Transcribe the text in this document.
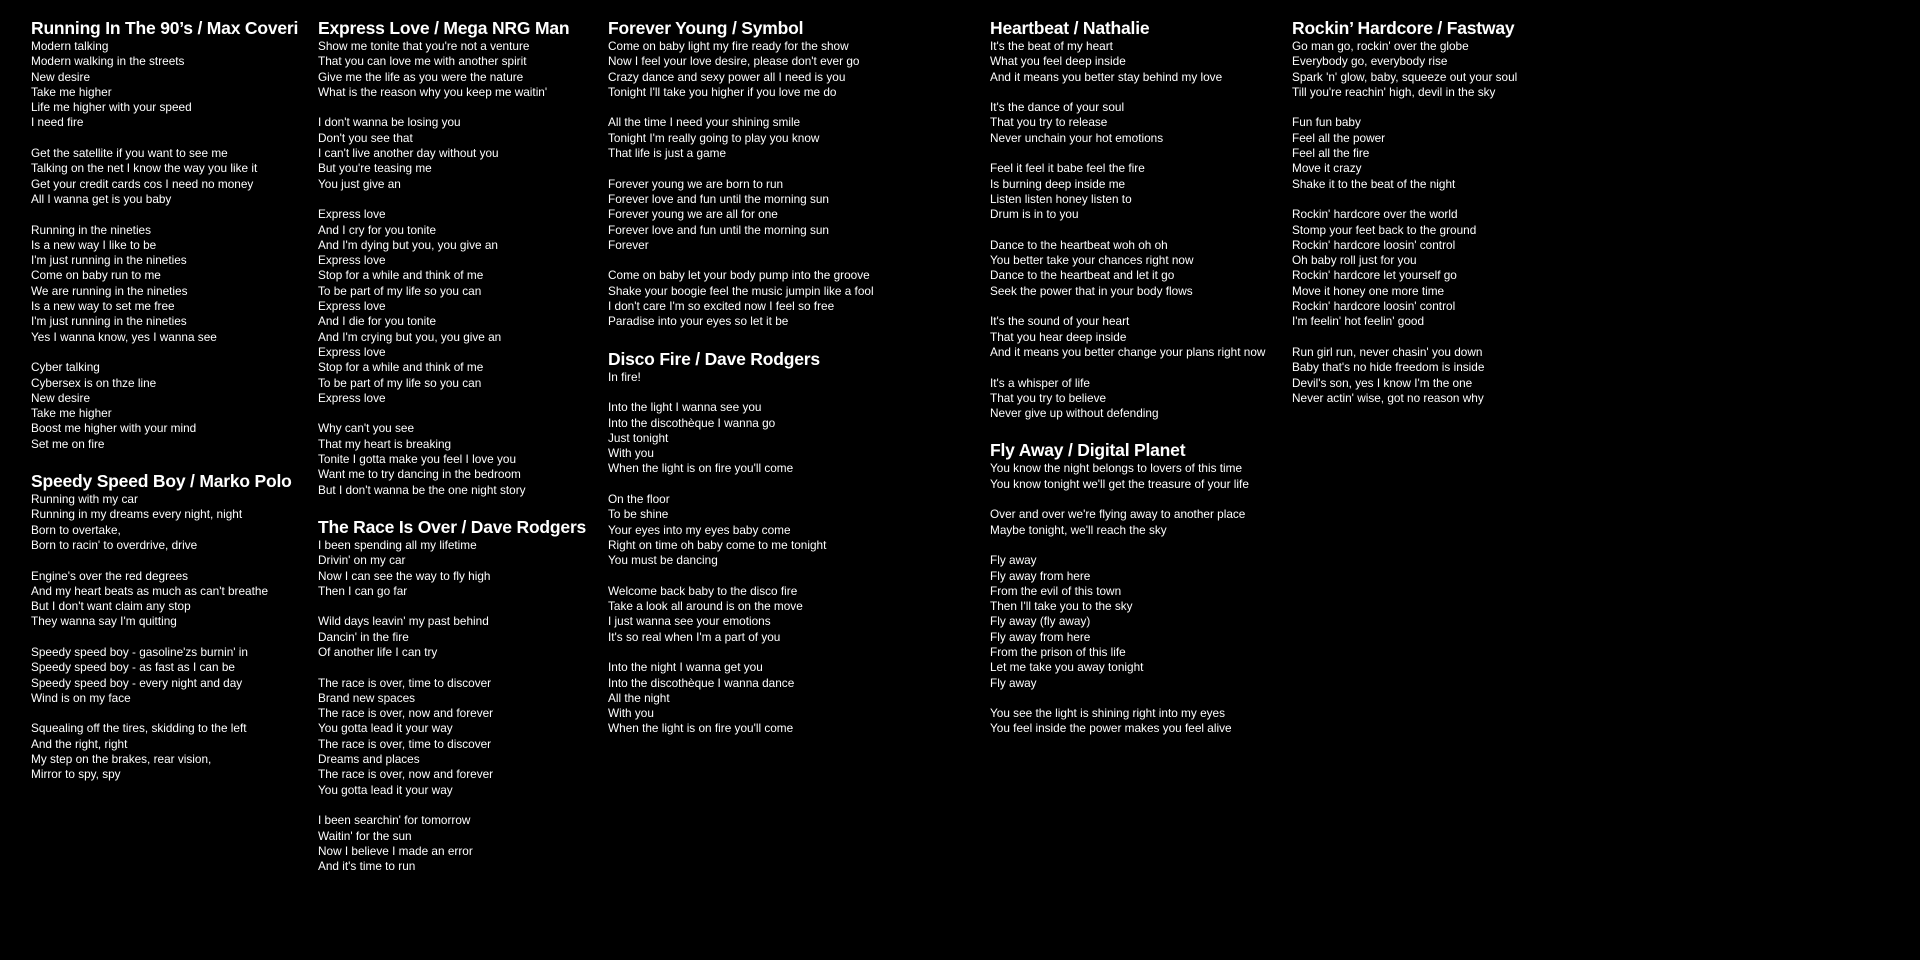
Running In The 90’s / Max Coveri
Modern talking
Modern walking in the streets
New desire
Take me higher
Life me higher with your speed
I need fire
Get the satellite if you want to see me
Talking on the net I know the way you like it
Get your credit cards cos I need no money
All I wanna get is you baby
Running in the nineties
Is a new way I like to be
I'm just running in the nineties
Come on baby run to me
We are running in the nineties
Is a new way to set me free
I'm just running in the nineties
Yes I wanna know, yes I wanna see
Cyber talking
Cybersex is on thze line
New desire
Take me higher
Boost me higher with your mind
Set me on fire
Speedy Speed Boy / Marko Polo
Running with my car
Running in my dreams every night, night
Born to overtake,
Born to racin' to overdrive, drive
Engine's over the red degrees
And my heart beats as much as can't breathe
But I don't want claim any stop
They wanna say I'm quitting
Speedy speed boy - gasoline'zs burnin' in
Speedy speed boy - as fast as I can be
Speedy speed boy - every night and day
Wind is on my face
Squealing off the tires, skidding to the left
And the right, right
My step on the brakes, rear vision,
Mirror to spy, spy
Express Love / Mega NRG Man
Show me tonite that you're not a venture
That you can love me with another spirit
Give me the life as you were the nature
What is the reason why you keep me waitin'
I don't wanna be losing you
Don't you see that
I can't live another day without you
But you're teasing me
You just give an
Express love
And I cry for you tonite
And I'm dying but you, you give an
Express love
Stop for a while and think of me
To be part of my life so you can
Express love
And I die for you tonite
And I'm crying but you, you give an
Express love
Stop for a while and think of me
To be part of my life so you can
Express love
Why can't you see
That my heart is breaking
Tonite I gotta make you feel I love you
Want me to try dancing in the bedroom
But I don't wanna be the one night story
The Race Is Over / Dave Rodgers
I been spending all my lifetime
Drivin' on my car
Now I can see the way to fly high
Then I can go far
Wild days leavin' my past behind
Dancin' in the fire
Of another life I can try
The race is over, time to discover
Brand new spaces
The race is over, now and forever
You gotta lead it your way
The race is over, time to discover
Dreams and places
The race is over, now and forever
You gotta lead it your way
I been searchin' for tomorrow
Waitin' for the sun
Now I believe I made an error
And it's time to run
Forever Young / Symbol
Come on baby light my fire ready for the show
Now I feel your love desire, please don't ever go
Crazy dance and sexy power all I need is you
Tonight I'll take you higher if you love me do
All the time I need your shining smile
Tonight I'm really going to play you know
That life is just a game
Forever young we are born to run
Forever love and fun until the morning sun
Forever young we are all for one
Forever love and fun until the morning sun
Forever
Come on baby let your body pump into the groove
Shake your boogie feel the music jumpin like a fool
I don't care I'm so excited now I feel so free
Paradise into your eyes so let it be
Disco Fire / Dave Rodgers
In fire!
Into the light I wanna see you
Into the discothèque I wanna go
Just tonight
With you
When the light is on fire you'll come
On the floor
To be shine
Your eyes into my eyes baby come
Right on time oh baby come to me tonight
You must be dancing
Welcome back baby to the disco fire
Take a look all around is on the move
I just wanna see your emotions
It's so real when I'm a part of you
Into the night I wanna get you
Into the discothèque I wanna dance
All the night
With you
When the light is on fire you'll come
Heartbeat / Nathalie
It's the beat of my heart
What you feel deep inside
And it means you better stay behind my love
It's the dance of your soul
That you try to release
Never unchain your hot emotions
Feel it feel it babe feel the fire
Is burning deep inside me
Listen listen honey listen to
Drum is in to you
Dance to the heartbeat woh oh oh
You better take your chances right now
Dance to the heartbeat and let it go
Seek the power that in your body flows
It's the sound of your heart
That you hear deep inside
And it means you better change your plans right now
It's a whisper of life
That you try to believe
Never give up without defending
Fly Away / Digital Planet
You know the night belongs to lovers of this time
You know tonight we'll get the treasure of your life
Over and over we're flying away to another place
Maybe tonight, we'll reach the sky
Fly away
Fly away from here
From the evil of this town
Then I'll take you to the sky
Fly away (fly away)
Fly away from here
From the prison of this life
Let me take you away tonight
Fly away
You see the light is shining right into my eyes
You feel inside the power makes you feel alive
Rockin’ Hardcore / Fastway
Go man go, rockin' over the globe
Everybody go, everybody rise
Spark 'n' glow, baby, squeeze out your soul
Till you're reachin' high, devil in the sky
Fun fun baby
Feel all the power
Feel all the fire
Move it crazy
Shake it to the beat of the night
Rockin' hardcore over the world
Stomp your feet back to the ground
Rockin' hardcore loosin' control
Oh baby roll just for you
Rockin' hardcore let yourself go
Move it honey one more time
Rockin' hardcore loosin' control
I'm feelin' hot feelin' good
Run girl run, never chasin' you down
Baby that's no hide freedom is inside
Devil's son, yes I know I'm the one
Never actin' wise, got no reason why
